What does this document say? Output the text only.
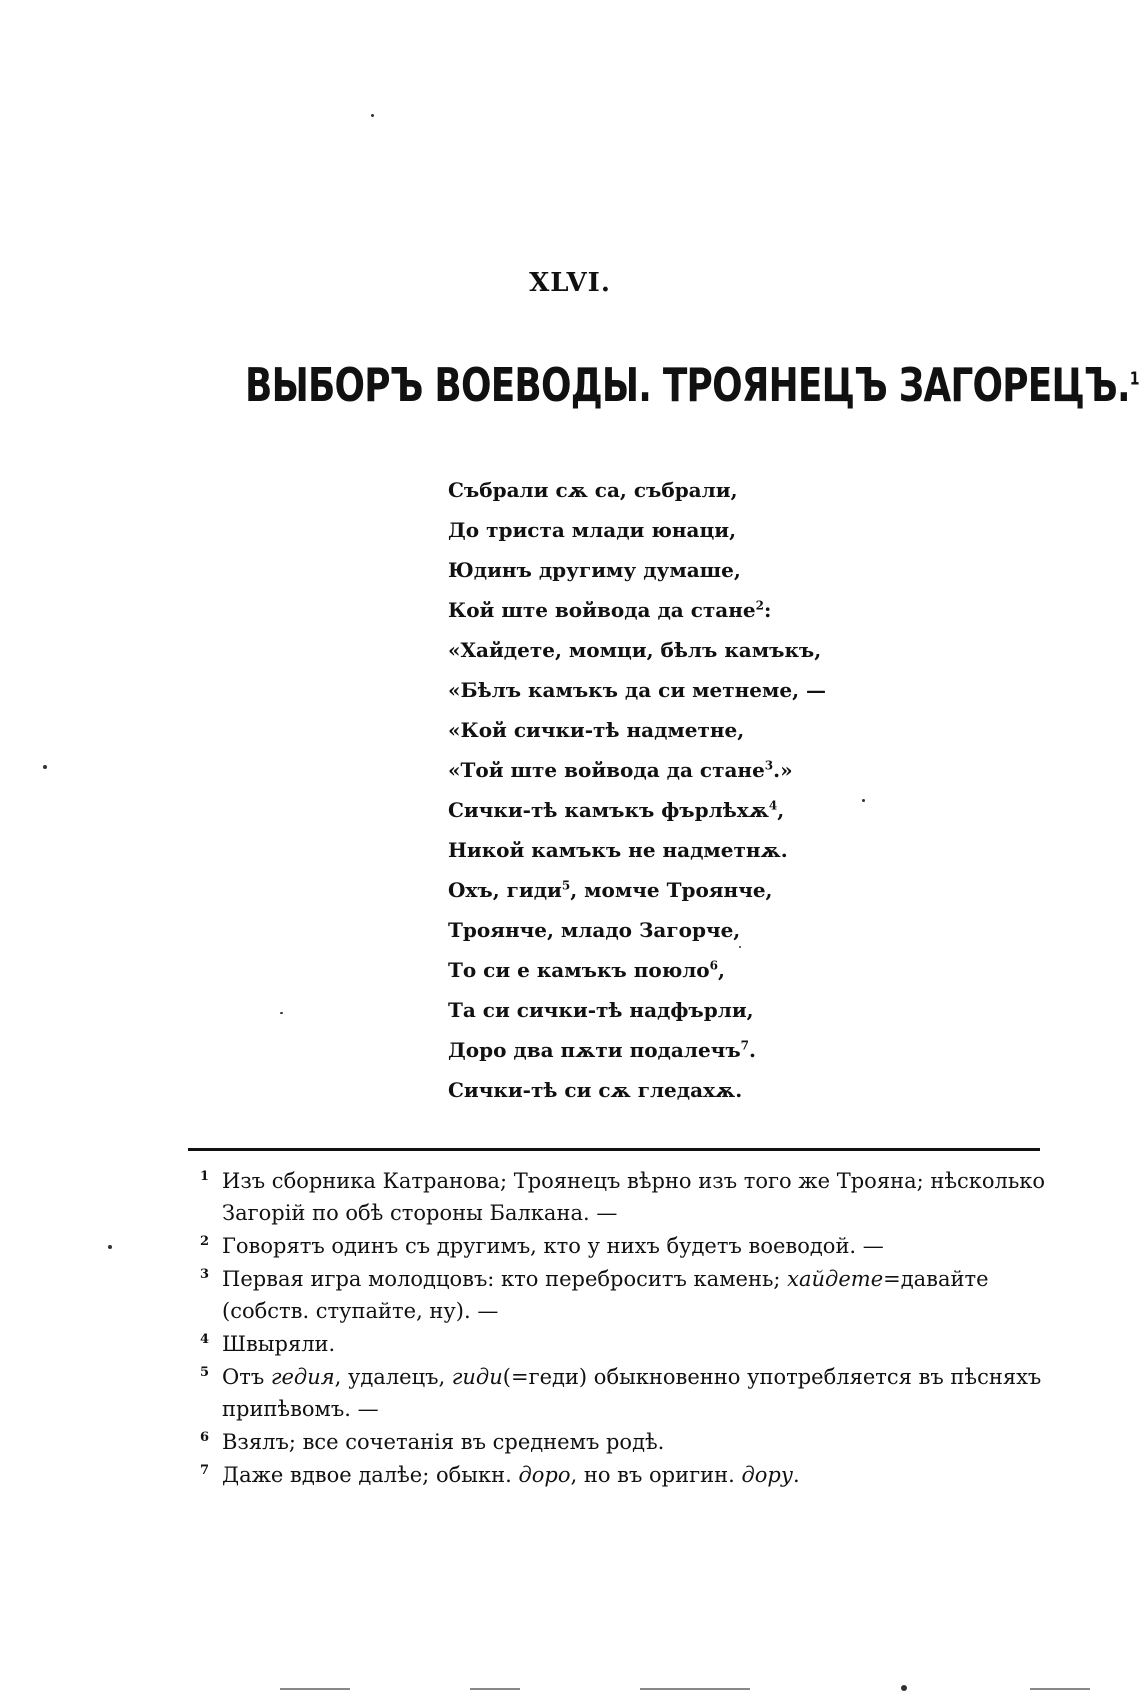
XLVI.
ВЫБОРЪ ВОЕВОДЫ. ТРОЯНЕЦЪ ЗАГОРЕЦЪ.$^1$
Събрали сѫ са, събрали,
До триста млади юнаци,
Юдинъ другиму думаше,
Кой ште войвода да стане$^2$:
«Хайдете, момци, бѣлъ камъкъ,
«Бѣлъ камъкъ да си метнеме, —
«Кой сички-тѣ надметне,
«Той ште войвода да стане$^3$.»
Сички-тѣ камъкъ фърлѣхѫ$^4$,
Никой камъкъ не надметнѫ.
Охъ, гиди$^5$, момче Троянче,
Троянче, младо Загорче,
То си е камъкъ поюло$^6$,
Та си сички-тѣ надфърли,
Доро два пѫти подалечъ$^7$.
Сички-тѣ си сѫ гледахѫ.
1 Изъ сборника Катранова; Троянецъ вѣрно изъ того же Трояна; нѣсколько Загорій по обѣ стороны Балкана. —
2 Говорятъ одинъ съ другимъ, кто у нихъ будетъ воеводой. —
3 Первая игра молодцовъ: кто переброситъ камень; хайдете=давайте (собств. ступайте, ну). —
4 Швыряли.
5 Отъ гедия, удалецъ, гиди(=геди) обыкновенно употребляется въ пѣсняхъ припѣвомъ. —
6 Взялъ; все сочетанія въ среднемъ родѣ.
7 Даже вдвое далѣе; обыкн. доро, но въ оригин. дору.
